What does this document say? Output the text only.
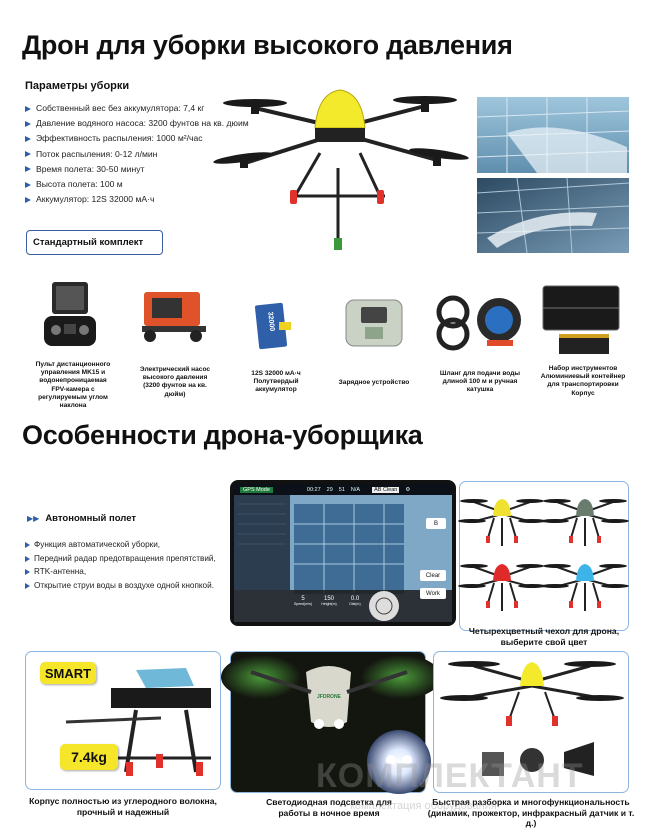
Дрон для уборки высокого давления
Параметры уборки
Собственный вес без аккумулятора: 7,4 кг
Давление водяного насоса: 3200 фунтов на кв. дюим
Эффективность распыления: 1000 м²/час
Поток распыления: 0-12 л/мин
Время полета: 30-50 минут
Высота полета: 100 м
Аккумулятор: 12S 32000 мА·ч
Стандартный комплект
32000
Пульт дистанционного управления MK15 и водонепроницаемая FPV-камера с регулируемым углом наклона
Электрический насос высокого давления (3200 фунтов на кв. дюйм)
12S 32000 мА·ч Полутвердый аккумулятор
Зарядное устройство
Шланг для подачи воды длиной 100 м и ручная катушка
Набор инструментов Алюминиевый контейнер для транспортировки Корпус
Особенности дрона-уборщика
▶▶ Автономный полет
Функция автоматической уборки,
Передний радар предотвращения препятствий,
RTK-антенна,
Открытие струи воды в воздухе одной кнопкой.
GPS Mode	00:27 29 51 N/A	AB Clean	⚙
B
Clear
Work
5
Speed(m/s)
150
Height(m)
0.0
Dist(m)
Четырехцветный чехол для дрона, выберите свой цвет
SMART
7.4kg
Корпус полностью из углеродного волокна, прочный и надежный
JFDRONE
Светодиодная подсветка для работы в ночное время
Быстрая разборка и многофункциональность (динамик, прожектор, инфракрасный датчик и т. д.)
КОМПЛЕКТАНТ
комплектация оборудования
